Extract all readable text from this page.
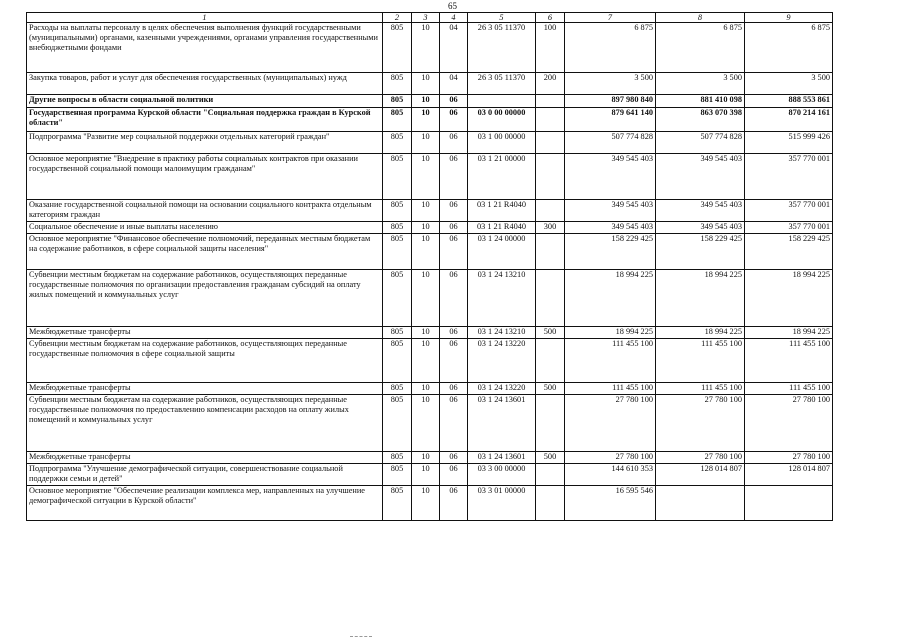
65
1	2	3	4	5	6	7	8	9
Расходы на выплаты персоналу в целях обеспечения выполнения функций государственными (муниципальными) органами, казенными учреждениями, органами управления государственными внебюджетными фондами	805	10	04	26 3 05 11370	100	6 875	6 875	6 875
Закупка товаров, работ и услуг для обеспечения государственных (муниципальных) нужд	805	10	04	26 3 05 11370	200	3 500	3 500	3 500
Другие вопросы в области социальной политики	805	10	06			897 980 840	881 410 098	888 553 861
Государственная программа Курской области "Социальная поддержка граждан в Курской области"	805	10	06	03 0 00 00000		879 641 140	863 070 398	870 214 161
Подпрограмма "Развитие мер социальной поддержки отдельных категорий граждан"	805	10	06	03 1 00 00000		507 774 828	507 774 828	515 999 426
Основное мероприятие "Внедрение в практику работы социальных контрактов при оказании государственной социальной помощи малоимущим гражданам"	805	10	06	03 1 21 00000		349 545 403	349 545 403	357 770 001
Оказание государственной социальной помощи на основании социального контракта отдельным категориям граждан	805	10	06	03 1 21 R4040		349 545 403	349 545 403	357 770 001
Социальное обеспечение и иные выплаты населению	805	10	06	03 1 21 R4040	300	349 545 403	349 545 403	357 770 001
Основное мероприятие "Финансовое обеспечение полномочий, переданных местным бюджетам на содержание работников, в сфере социальной защиты населения"	805	10	06	03 1 24 00000		158 229 425	158 229 425	158 229 425
Субвенции местным бюджетам на содержание работников, осуществляющих переданные государственные полномочия по организации предоставления гражданам субсидий на оплату жилых помещений и коммунальных услуг	805	10	06	03 1 24 13210		18 994 225	18 994 225	18 994 225
Межбюджетные трансферты	805	10	06	03 1 24 13210	500	18 994 225	18 994 225	18 994 225
Субвенции местным бюджетам на содержание работников, осуществляющих переданные государственные полномочия в сфере социальной защиты	805	10	06	03 1 24 13220		111 455 100	111 455 100	111 455 100
Межбюджетные трансферты	805	10	06	03 1 24 13220	500	111 455 100	111 455 100	111 455 100
Субвенции местным бюджетам на содержание работников, осуществляющих переданные государственные полномочия по предоставлению компенсации расходов на оплату жилых помещений и коммунальных услуг	805	10	06	03 1 24 13601		27 780 100	27 780 100	27 780 100
Межбюджетные трансферты	805	10	06	03 1 24 13601	500	27 780 100	27 780 100	27 780 100
Подпрограмма "Улучшение демографической ситуации, совершенствование социальной поддержки семьи и детей"	805	10	06	03 3 00 00000		144 610 353	128 014 807	128 014 807
Основное мероприятие "Обеспечение реализации комплекса мер, направленных на улучшение демографической ситуации в Курской области"	805	10	06	03 3 01 00000		16 595 546		
